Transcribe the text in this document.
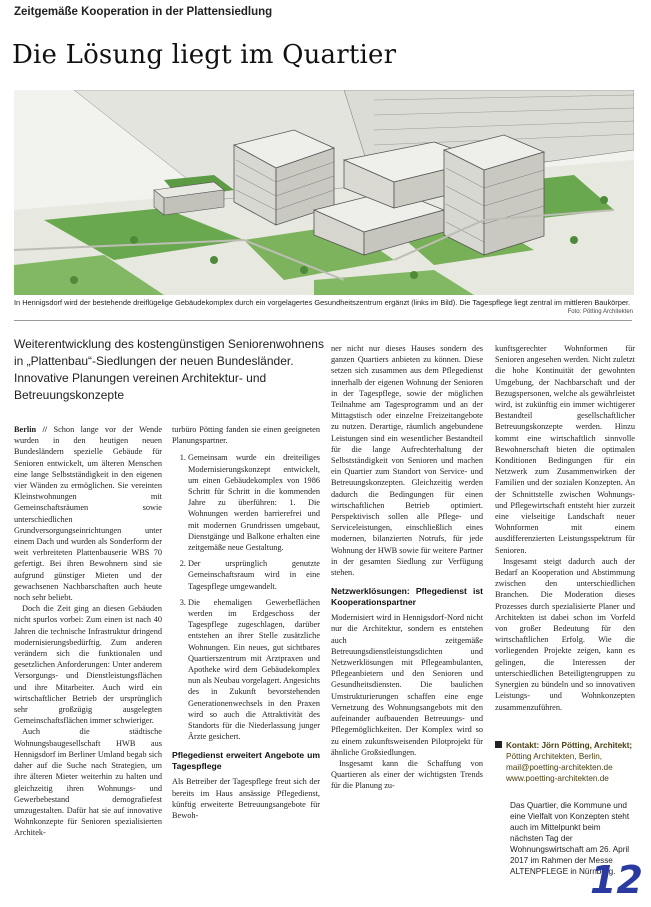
Zeitgemäße Kooperation in der Plattensiedlung
Die Lösung liegt im Quartier
In Hennigsdorf wird der bestehende dreiflügelige Gebäudekomplex durch ein vorgelagertes Gesundheitszentrum ergänzt (links im Bild). Die Tagespflege liegt zentral im mittleren Baukörper.
Foto: Pötting Architekten
Weiterentwicklung des kostengünstigen Seniorenwohnens in „Plattenbau“-Siedlungen der neuen Bundesländer. Innovative Planungen vereinen Architektur- und Betreuungskonzepte

Berlin // Schon lange vor der Wende wurden in den heutigen neuen Bundesländern spezielle Gebäude für Senioren entwickelt, um älteren Menschen eine lange Selbstständigkeit in den eigenen vier Wänden zu ermöglichen. Sie vereinten Kleinstwohnungen mit Gemeinschaftsräumen sowie unterschiedlichen Grundversorgungseinrichtungen unter einem Dach und wurden als Sonderform der weit verbreiteten Plattenbauserie WBS 70 gefertigt. Bei ihren Bewohnern sind sie aufgrund günstiger Mieten und der gewachsenen Nachbarschaften auch heute noch sehr beliebt.

Doch die Zeit ging an diesen Gebäuden nicht spurlos vorbei: Zum einen ist nach 40 Jahren die technische Infrastruktur dringend modernisierungsbedürftig. Zum anderen verändern sich die funktionalen und gesetzlichen Anforderungen: Unter anderem Versorgungs- und Dienstleistungsflächen und ihre Mitarbeiter. Auch wird ein wirtschaftlicher Betrieb der ursprünglich sehr großzügig ausgelegten Gemeinschaftsflächen immer schwieriger.

Auch die städtische Wohnungsbaugesellschaft HWB aus Hennigsdorf im Berliner Umland begab sich daher auf die Suche nach Strategien, um ihre älteren Mieter weiterhin zu halten und gleichzeitig ihren Wohnungs- und Gewerbebestand demografiefest umzugestalten. Dafür hat sie auf innovative Wohnkonzepte für Senioren spezialisierten Architek-

turbüro Pötting fanden sie einen geeigneten Planungspartner.

1. Gemeinsam wurde ein dreiteiliges Modernisierungskonzept entwickelt, um einen Gebäudekomplex von 1986 Schritt für Schritt in die kommenden Jahre zu überführen: 1. Die Wohnungen werden barrierefrei und mit modernen Grundrissen umgebaut, Dienstgänge und Balkone erhalten eine zeitgemäße neue Gestaltung.
2. Der ursprünglich genutzte Gemeinschaftsraum wird in eine Tagespflege umgewandelt.
3. Die ehemaligen Gewerbeflächen werden im Erdgeschoss der Tagespflege zugeschlagen, darüber entstehen an ihrer Stelle zusätzliche Wohnungen. Ein neues, gut sichtbares Quartierszentrum mit Arztpraxen und Apotheke wird dem Gebäudekomplex nun als Neubau vorgelagert. Angesichts des in Zukunft bevorstehenden Generationenwechsels in den Praxen wird so auch die Attraktivität des Standorts für die Niederlassung junger Ärzte gesichert.
Pflegedienst erweitert Angebote um Tagespflege

Als Betreiber der Tagespflege freut sich der bereits im Haus ansässige Pflegedienst, künftig erweiterte Betreuungsangebote für Bewoh-

ner nicht nur dieses Hauses sondern des ganzen Quartiers anbieten zu können. Diese setzen sich zusammen aus dem Pflegedienst innerhalb der eigenen Wohnung der Senioren in der Tagespflege, sowie der möglichen Teilnahme am Tagesprogramm und an der Mittagstisch oder einzelne Freizeitangebote zu nutzen. Derartige, räumlich angebundene Leistungen sind ein wesentlicher Bestandteil für die lange Aufrechterhaltung der Selbstständigkeit von Senioren und machen ein Quartier zum Standort von Service- und Betreuungskonzepten. Gleichzeitig werden dadurch die Bedingungen für einen wirtschaftlichen Betrieb optimiert. Perspektivisch sollen alle Pflege- und Serviceleistungen, einschließlich eines modernen, bilanzierten Notrufs, für jede Wohnung der HWB sowie für weitere Partner in der gesamten Siedlung zur Verfügung stehen.

Netzwerklösungen: Pflegedienst ist Kooperationspartner

Modernisiert wird in Hennigsdorf-Nord nicht nur die Architektur, sondern es entstehen auch zeitgemäße Betreuungsdienstleistungsdichten und Netzwerklösungen mit Pflegeambulanten, Pflegeanbietern und den Senioren und Gesundheitsdiensten. Die baulichen Umstrukturierungen schaffen eine enge Vernetzung des Wohnungsangebots mit den aufeinander aufbauenden Betreuungs- und Pflegemöglichkeiten. Der Komplex wird so zu einem zukunftsweisenden Pilotprojekt für ähnliche Großsiedlungen.

Insgesamt kann die Schaffung von Quartieren als einer der wichtigsten Trends für die Planung zu-

kunftsgerechter Wohnformen für Senioren angesehen werden. Nicht zuletzt die hohe Kontinuität der gewohnten Umgebung, der Nachbarschaft und der Bezugspersonen, welche als gewährleistet wird, ist zukünftig ein immer wichtigerer Bestandteil gesellschaftlicher Betreuungskonzepte werden. Hinzu kommt eine wirtschaftlich sinnvolle Bewohnerschaft bieten die optimalen Konditionen Bedingungen für ein Netzwerk zum Zusammenwirken der Familien und der sozialen Konzepten. An der Schnittstelle zwischen Wohnungs- und Pflegewirtschaft entsteht hier zurzeit eine vielseitige Landschaft neuer Wohnformen mit einem ausdifferenzierten Leistungsspektrum für Senioren.

Insgesamt steigt dadurch auch der Bedarf an Kooperation und Abstimmung zwischen den unterschiedlichen Branchen. Die Moderation dieses Prozesses durch spezialisierte Planer und Architekten ist dabei schon im Vorfeld von großer Bedeutung für den wirtschaftlichen Erfolg. Wie die vorliegenden Projekte zeigen, kann es gelingen, die Interessen der unterschiedlichen Beteiligtengruppen zu Synergien zu bündeln und so innovativen Leistungs- und Wohnkonzepten zusammenzuführen.

Kontakt: Jörn Pötting, Architekt;
Pötting Architekten, Berlin,
mail@poetting-architekten.de
www.poetting-architekten.de
Das Quartier, die Kommune und eine Vielfalt von Konzepten steht auch im Mittelpunkt beim nächsten Tag der Wohnungswirtschaft am 26. April 2017 im Rahmen der Messe ALTENPFLEGE in Nürnberg.
12
